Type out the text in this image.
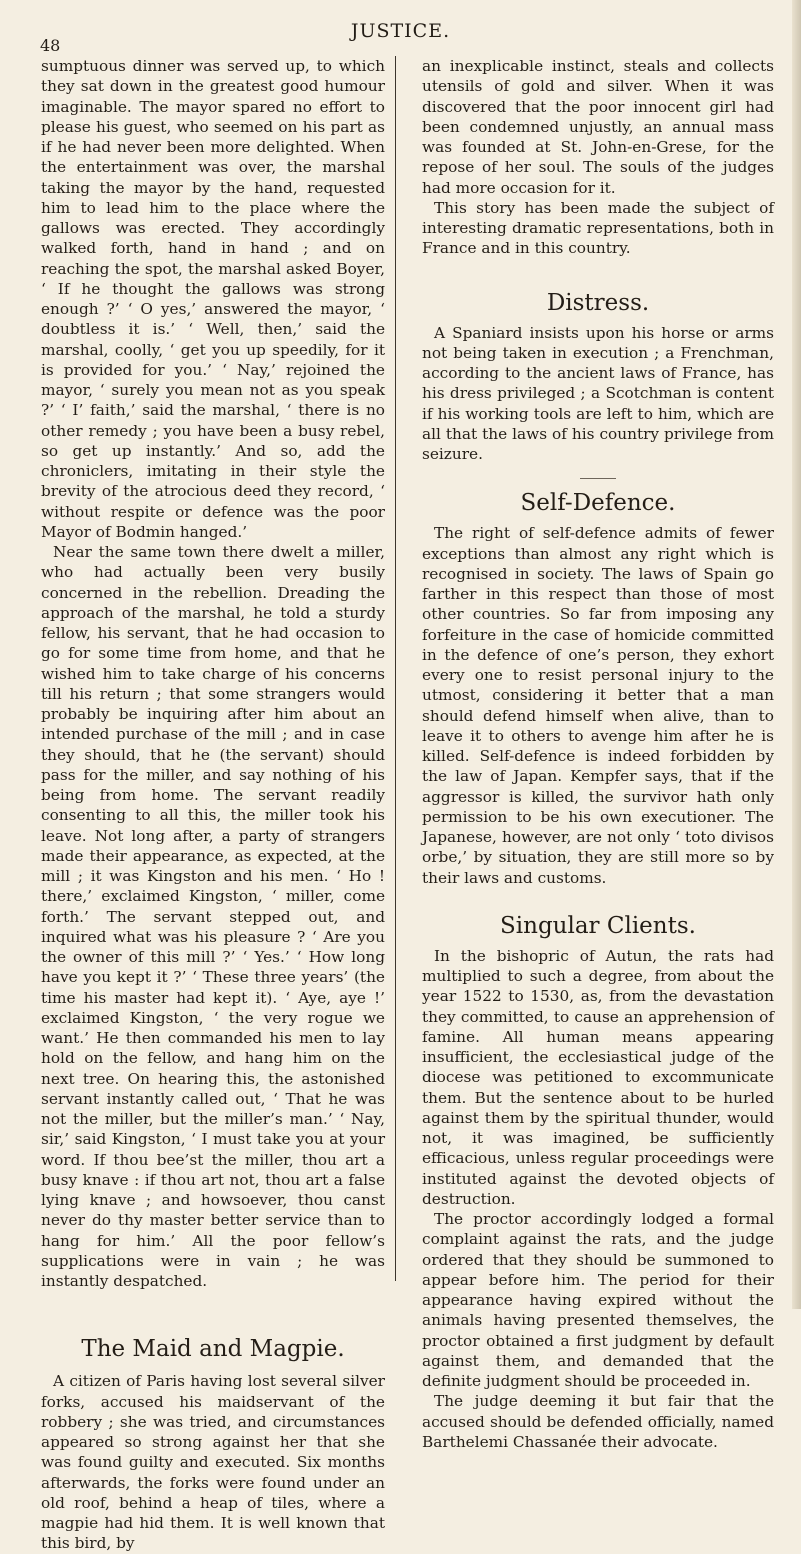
48
JUSTICE.

sumptuous dinner was served up, to which they sat down in the greatest good humour imaginable. The mayor spared no effort to please his guest, who seemed on his part as if he had never been more delighted. When the entertainment was over, the marshal taking the mayor by the hand, requested him to lead him to the place where the gallows was erected. They accordingly walked forth, hand in hand ; and on reaching the spot, the marshal asked Boyer, ‘ If he thought the gallows was strong enough ?’ ‘ O yes,’ answered the mayor, ‘ doubtless it is.’ ‘ Well, then,’ said the marshal, coolly, ‘ get you up speedily, for it is provided for you.’ ‘ Nay,’ rejoined the mayor, ‘ surely you mean not as you speak ?’ ‘ I’ faith,’ said the marshal, ‘ there is no other remedy ; you have been a busy rebel, so get up instantly.’ And so, add the chroniclers, imitating in their style the brevity of the atrocious deed they record, ‘ without respite or defence was the poor Mayor of Bodmin hanged.’

Near the same town there dwelt a miller, who had actually been very busily concerned in the rebellion. Dreading the approach of the marshal, he told a sturdy fellow, his servant, that he had occasion to go for some time from home, and that he wished him to take charge of his concerns till his return ; that some strangers would probably be inquiring after him about an intended purchase of the mill ; and in case they should, that he (the servant) should pass for the miller, and say nothing of his being from home. The servant readily consenting to all this, the miller took his leave. Not long after, a party of strangers made their appearance, as expected, at the mill ; it was Kingston and his men. ‘ Ho ! there,’ exclaimed Kingston, ‘ miller, come forth.’ The servant stepped out, and inquired what was his pleasure ? ‘ Are you the owner of this mill ?’ ‘ Yes.’ ‘ How long have you kept it ?’ ‘ These three years’ (the time his master had kept it). ‘ Aye, aye !’ exclaimed Kingston, ‘ the very rogue we want.’ He then commanded his men to lay hold on the fellow, and hang him on the next tree. On hearing this, the astonished servant instantly called out, ‘ That he was not the miller, but the miller’s man.’ ‘ Nay, sir,’ said Kingston, ‘ I must take you at your word. If thou bee’st the miller, thou art a busy knave : if thou art not, thou art a false lying knave ; and howsoever, thou canst never do thy master better service than to hang for him.’ All the poor fellow’s supplications were in vain ; he was instantly despatched.

The Maid and Magpie.

A citizen of Paris having lost several silver forks, accused his maidservant of the robbery ; she was tried, and circumstances appeared so strong against her that she was found guilty and executed. Six months afterwards, the forks were found under an old roof, behind a heap of tiles, where a magpie had hid them. It is well known that this bird, by

an inexplicable instinct, steals and collects utensils of gold and silver. When it was discovered that the poor innocent girl had been condemned unjustly, an annual mass was founded at St. John-en-Grese, for the repose of her soul. The souls of the judges had more occasion for it.

This story has been made the subject of interesting dramatic representations, both in France and in this country.

Distress.

A Spaniard insists upon his horse or arms not being taken in execution ; a Frenchman, according to the ancient laws of France, has his dress privileged ; a Scotchman is content if his working tools are left to him, which are all that the laws of his country privilege from seizure.

Self-Defence.

The right of self-defence admits of fewer exceptions than almost any right which is recognised in society. The laws of Spain go farther in this respect than those of most other countries. So far from imposing any forfeiture in the case of homicide committed in the defence of one’s person, they exhort every one to resist personal injury to the utmost, considering it better that a man should defend himself when alive, than to leave it to others to avenge him after he is killed. Self-defence is indeed forbidden by the law of Japan. Kempfer says, that if the aggressor is killed, the survivor hath only permission to be his own executioner. The Japanese, however, are not only ‘ toto divisos orbe,’ by situation, they are still more so by their laws and customs.

Singular Clients.

In the bishopric of Autun, the rats had multiplied to such a degree, from about the year 1522 to 1530, as, from the devastation they committed, to cause an apprehension of famine. All human means appearing insufficient, the ecclesiastical judge of the diocese was petitioned to excommunicate them. But the sentence about to be hurled against them by the spiritual thunder, would not, it was imagined, be sufficiently efficacious, unless regular proceedings were instituted against the devoted objects of destruction.

The proctor accordingly lodged a formal complaint against the rats, and the judge ordered that they should be summoned to appear before him. The period for their appearance having expired without the animals having presented themselves, the proctor obtained a first judgment by default against them, and demanded that the definite judgment should be proceeded in.

The judge deeming it but fair that the accused should be defended officially, named Barthelemi Chassanée their advocate.
